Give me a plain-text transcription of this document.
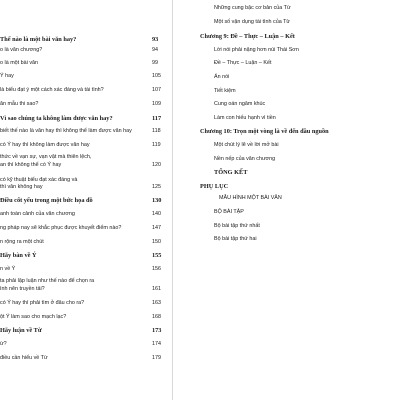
Thế nào là một bài văn hay?	93
o là văn chương?	94
o là một bài văn	99
Ý hay	105
là biểu đạt ý một cách xác đáng và tài tình?	107
ăn mẫu thi sao?	109
Vì sao chúng ta không làm được văn hay?	117
biết thế nào là văn hay thì không thể làm được văn hay	118
có Ý hay thì không làm được văn hay	119
thức về vạn sự, vạn vật mà thiên lệch,
an thì không thể có Ý hay	120
có kỹ thuật biểu đạt xác đáng và
thì văn không hay	125
Điều cốt yếu trong một bức họa đồ	130
anh toàn cảnh của văn chương	140
ng pháp nay sẽ khắc phục được khuyết điểm nào?	147
n rộng ra một chút	150
Hãy bàn về Ý	155
n về Ý	156
ta phải lập luận như thế nào để chọn ra
ình nên truyền tải?	161
có Ý hay thì phải tìm ở đâu cho ra?	163
ột Ý làm sao cho mạch lạc?	168
Hãy luận về Từ	173
ừ?	174
điều cần hiểu về Từ	179
Những cung bậc cơ bản của Từ
Một số vận dụng tài tình của Từ
Chương 9: Đề – Thực – Luận – Kết
Lời nói phải nặng hơn núi Thái Sơn
Đề – Thực – Luận – Kết
Ẩn nói
Tiết kiệm
Cung oán ngâm khúc
Làm con hiếu hạnh vì tiền
Chương 10: Trọn một vòng là về đến đầu nguồn
Một chút lý lẽ về lời mở bài
Nền nếp của văn chương
TỔNG KẾT
PHỤ LỤC
MẪU HÌNH MỘT BÀI VĂN
BỘ BÀI TẬP
Bộ bài tập thứ nhất
Bộ bài tập thứ hai
